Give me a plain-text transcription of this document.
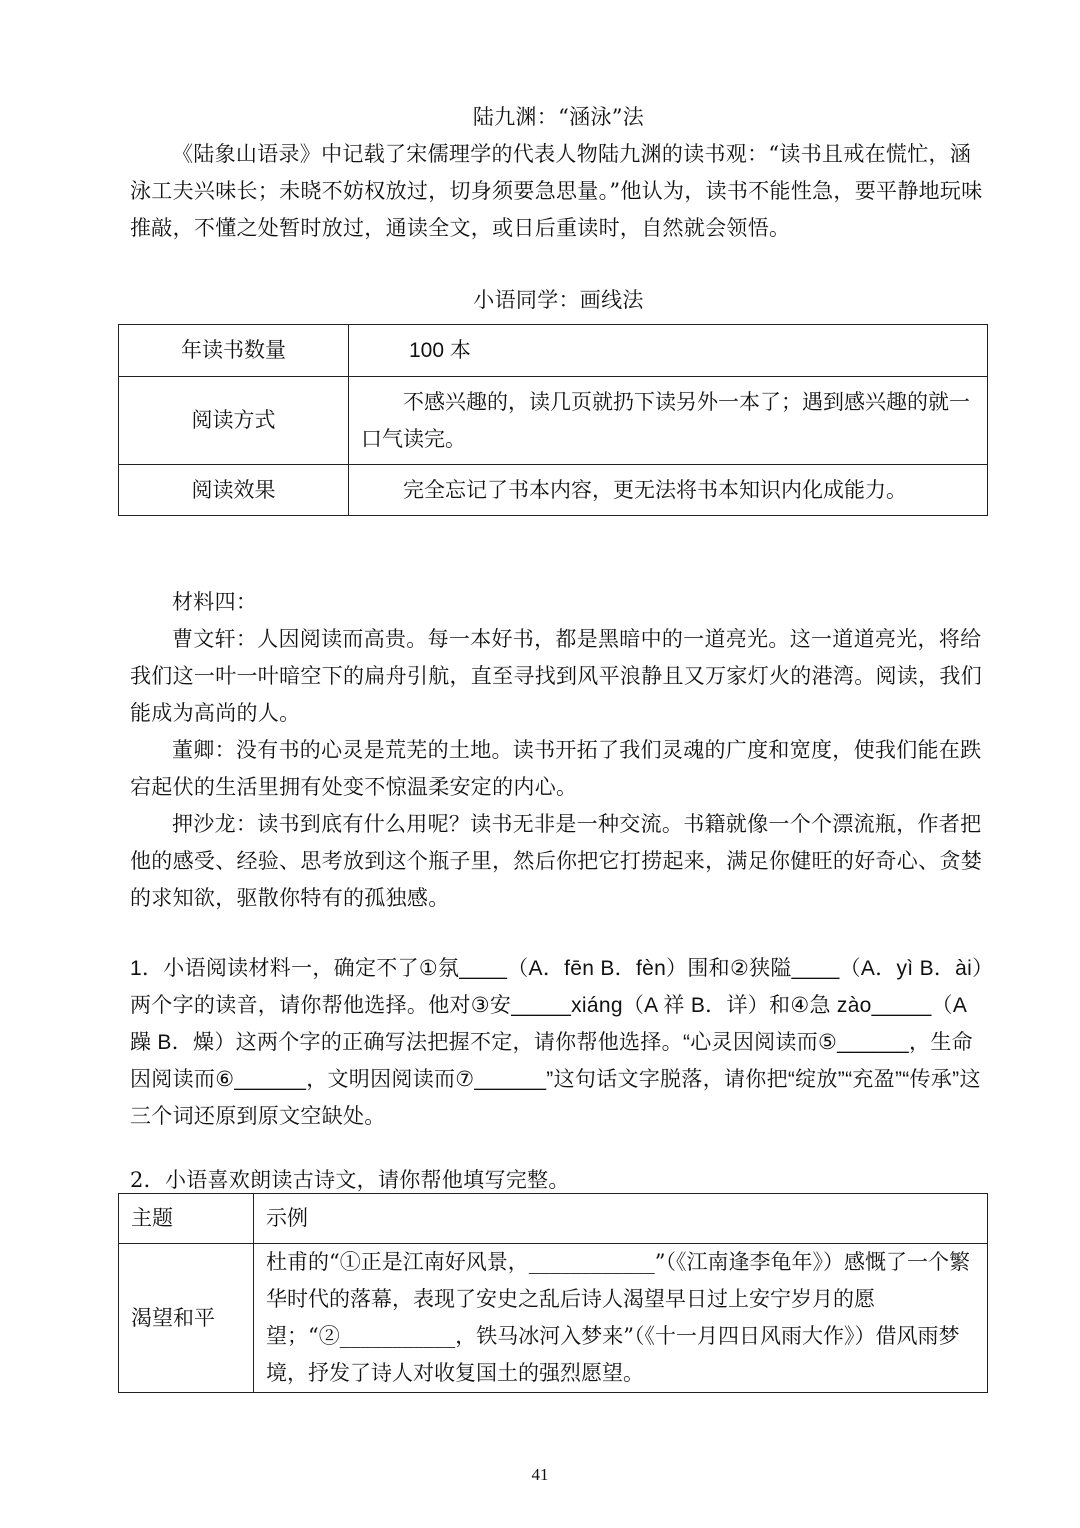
陆九渊：“涵泳”法

《陆象山语录》中记载了宋儒理学的代表人物陆九渊的读书观：“读书且戒在慌忙，涵泳工夫兴味长；未晓不妨权放过，切身须要急思量。”他认为，读书不能性急，要平静地玩味推敲，不懂之处暂时放过，通读全文，或日后重读时，自然就会领悟。

小语同学：画线法
年读书数量	100 本
阅读方式	不感兴趣的，读几页就扔下读另外一本了；遇到感兴趣的就一口气读完。
阅读效果	完全忘记了书本内容，更无法将书本知识内化成能力。

材料四：

曹文轩：人因阅读而高贵。每一本好书，都是黑暗中的一道亮光。这一道道亮光，将给我们这一叶一叶暗空下的扁舟引航，直至寻找到风平浪静且又万家灯火的港湾。阅读，我们能成为高尚的人。

董卿：没有书的心灵是荒芜的土地。读书开拓了我们灵魂的广度和宽度，使我们能在跌宕起伏的生活里拥有处变不惊温柔安定的内心。

押沙龙：读书到底有什么用呢？读书无非是一种交流。书籍就像一个个漂流瓶，作者把他的感受、经验、思考放到这个瓶子里，然后你把它打捞起来，满足你健旺的好奇心、贪婪的求知欲，驱散你特有的孤独感。

1．小语阅读材料一，确定不了①氛____（A．fēn B．fèn）围和②狭隘____（A．yì B．ài）两个字的读音，请你帮他选择。他对③安_____xiáng（A 祥 B．详）和④急 zào_____（A 躁 B．燥）这两个字的正确写法把握不定，请你帮他选择。“心灵因阅读而⑤______，生命因阅读而⑥______，文明因阅读而⑦______”这句话文字脱落，请你把“绽放”“充盈”“传承”这三个词还原到原文空缺处。
2．小语喜欢朗读古诗文，请你帮他填写完整。
主题	示例
渴望和平	杜甫的“①正是江南好风景，____________”（《江南逢李龟年》）感慨了一个繁华时代的落幕，表现了安史之乱后诗人渴望早日过上安宁岁月的愿望；“②___________，铁马冰河入梦来”（《十一月四日风雨大作》）借风雨梦境，抒发了诗人对收复国土的强烈愿望。
41
